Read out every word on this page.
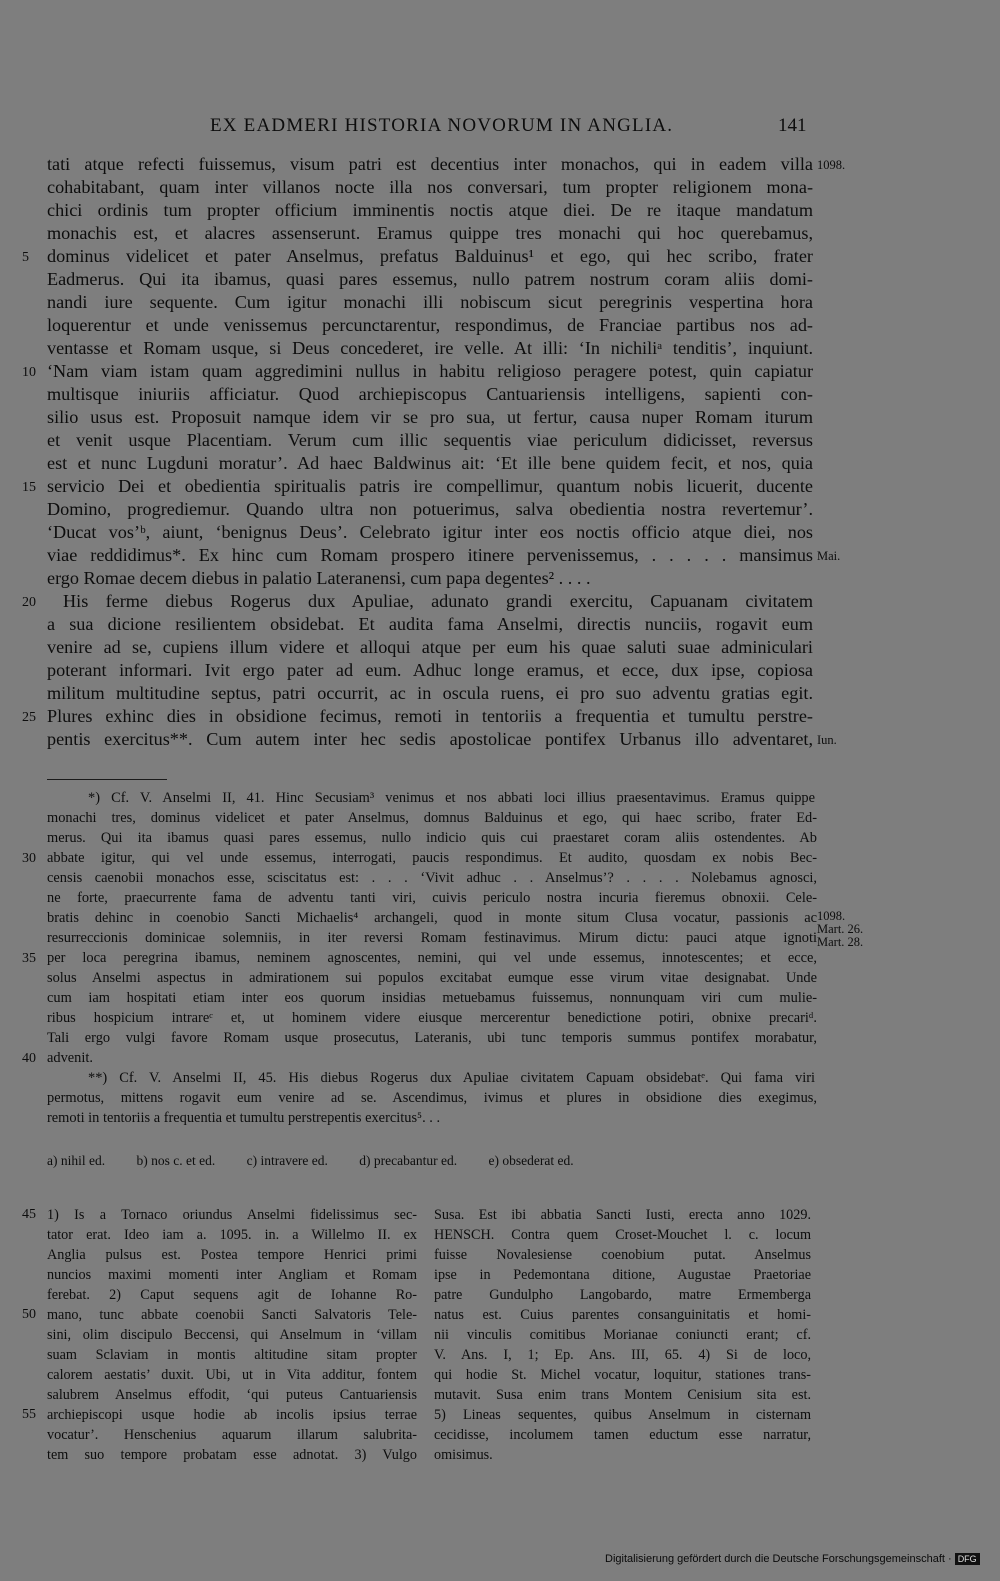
EX EADMERI HISTORIA NOVORUM IN ANGLIA.	141
tati atque refecti fuissemus, visum patri est decentius inter monachos, qui in eadem villa
cohabitabant, quam inter villanos nocte illa nos conversari, tum propter religionem mona-
chici ordinis tum propter officium imminentis noctis atque diei. De re itaque mandatum
monachis est, et alacres assenserunt. Eramus quippe tres monachi qui hoc querebamus,
dominus videlicet et pater Anselmus, prefatus Balduinus¹ et ego, qui hec scribo, frater
Eadmerus. Qui ita ibamus, quasi pares essemus, nullo patrem nostrum coram aliis domi-
nandi iure sequente. Cum igitur monachi illi nobiscum sicut peregrinis vespertina hora
loquerentur et unde venissemus percunctarentur, respondimus, de Franciae partibus nos ad-
ventasse et Romam usque, si Deus concederet, ire velle. At illi: ‘In nichiliᵃ tenditis’, inquiunt.
‘Nam viam istam quam aggredimini nullus in habitu religioso peragere potest, quin capiatur
multisque iniuriis afficiatur. Quod archiepiscopus Cantuariensis intelligens, sapienti con-
silio usus est. Proposuit namque idem vir se pro sua, ut fertur, causa nuper Romam iturum
et venit usque Placentiam. Verum cum illic sequentis viae periculum didicisset, reversus
est et nunc Lugduni moratur’. Ad haec Baldwinus ait: ‘Et ille bene quidem fecit, et nos, quia
servicio Dei et obedientia spiritualis patris ire compellimur, quantum nobis licuerit, ducente
Domino, progrediemur. Quando ultra non potuerimus, salva obedientia nostra revertemur’.
‘Ducat vos’ᵇ, aiunt, ‘benignus Deus’. Celebrato igitur inter eos noctis officio atque diei, nos
viae reddidimus*. Ex hinc cum Romam prospero itinere pervenissemus, . . . . . mansimus
ergo Romae decem diebus in palatio Lateranensi, cum papa degentes² . . . .
His ferme diebus Rogerus dux Apuliae, adunato grandi exercitu, Capuanam civitatem
a sua dicione resilientem obsidebat. Et audita fama Anselmi, directis nunciis, rogavit eum
venire ad se, cupiens illum videre et alloqui atque per eum his quae saluti suae adminiculari
poterant informari. Ivit ergo pater ad eum. Adhuc longe eramus, et ecce, dux ipse, copiosa
militum multitudine septus, patri occurrit, ac in oscula ruens, ei pro suo adventu gratias egit.
Plures exhinc dies in obsidione fecimus, remoti in tentoriis a frequentia et tumultu perstre-
pentis exercitus**. Cum autem inter hec sedis apostolicae pontifex Urbanus illo adventaret,
5
10
15
20
25
1098.
Mai.
Iun.
*) Cf. V. Anselmi II, 41. Hinc Secusiam³ venimus et nos abbati loci illius praesentavimus. Eramus quippe
monachi tres, dominus videlicet et pater Anselmus, domnus Balduinus et ego, qui haec scribo, frater Ed-
merus. Qui ita ibamus quasi pares essemus, nullo indicio quis cui praestaret coram aliis ostendentes. Ab
abbate igitur, qui vel unde essemus, interrogati, paucis respondimus. Et audito, quosdam ex nobis Bec-
censis caenobii monachos esse, sciscitatus est: . . . ‘Vivit adhuc . . Anselmus’? . . . . Nolebamus agnosci,
ne forte, praecurrente fama de adventu tanti viri, cuivis periculo nostra incuria fieremus obnoxii. Cele-
bratis dehinc in coenobio Sancti Michaelis⁴ archangeli, quod in monte situm Clusa vocatur, passionis ac
resurreccionis dominicae solemniis, in iter reversi Romam festinavimus. Mirum dictu: pauci atque ignoti
per loca peregrina ibamus, neminem agnoscentes, nemini, qui vel unde essemus, innotescentes; et ecce,
solus Anselmi aspectus in admirationem sui populos excitabat eumque esse virum vitae designabat. Unde
cum iam hospitati etiam inter eos quorum insidias metuebamus fuissemus, nonnunquam viri cum mulie-
ribus hospicium intrareᶜ et, ut hominem videre eiusque mercerentur benedictione potiri, obnixe precariᵈ.
Tali ergo vulgi favore Romam usque prosecutus, Lateranis, ubi tunc temporis summus pontifex morabatur,
advenit.
**) Cf. V. Anselmi II, 45. His diebus Rogerus dux Apuliae civitatem Capuam obsidebatᵉ. Qui fama viri
permotus, mittens rogavit eum venire ad se. Ascendimus, ivimus et plures in obsidione dies exegimus,
remoti in tentoriis a frequentia et tumultu perstrepentis exercitus⁵. . .
30
35
40
1098.
Mart. 26.
Mart. 28.
a) nihil ed. b) nos c. et ed. c) intravere ed. d) precabantur ed. e) obsederat ed.
1) Is a Tornaco oriundus Anselmi fidelissimus sec-
tator erat. Ideo iam a. 1095. in. a Willelmo II. ex
Anglia pulsus est. Postea tempore Henrici primi
nuncios maximi momenti inter Angliam et Romam
ferebat. 2) Caput sequens agit de Iohanne Ro-
mano, tunc abbate coenobii Sancti Salvatoris Tele-
sini, olim discipulo Beccensi, qui Anselmum in ‘villam
suam Sclaviam in montis altitudine sitam propter
calorem aestatis’ duxit. Ubi, ut in Vita additur, fontem
salubrem Anselmus effodit, ‘qui puteus Cantuariensis
archiepiscopi usque hodie ab incolis ipsius terrae
vocatur’. Henschenius aquarum illarum salubrita-
tem suo tempore probatam esse adnotat. 3) Vulgo
45
50
55
Susa. Est ibi abbatia Sancti Iusti, erecta anno 1029.
HENSCH. Contra quem Croset-Mouchet l. c. locum
fuisse Novalesiense coenobium putat. Anselmus
ipse in Pedemontana ditione, Augustae Praetoriae
patre Gundulpho Langobardo, matre Ermemberga
natus est. Cuius parentes consanguinitatis et homi-
nii vinculis comitibus Morianae coniuncti erant; cf.
V. Ans. I, 1; Ep. Ans. III, 65. 4) Si de loco,
qui hodie St. Michel vocatur, loquitur, stationes trans-
mutavit. Susa enim trans Montem Cenisium sita est.
5) Lineas sequentes, quibus Anselmum in cisternam
cecidisse, incolumem tamen eductum esse narratur,
omisimus.
Digitalisierung gefördert durch die Deutsche Forschungsgemeinschaft · DFG
